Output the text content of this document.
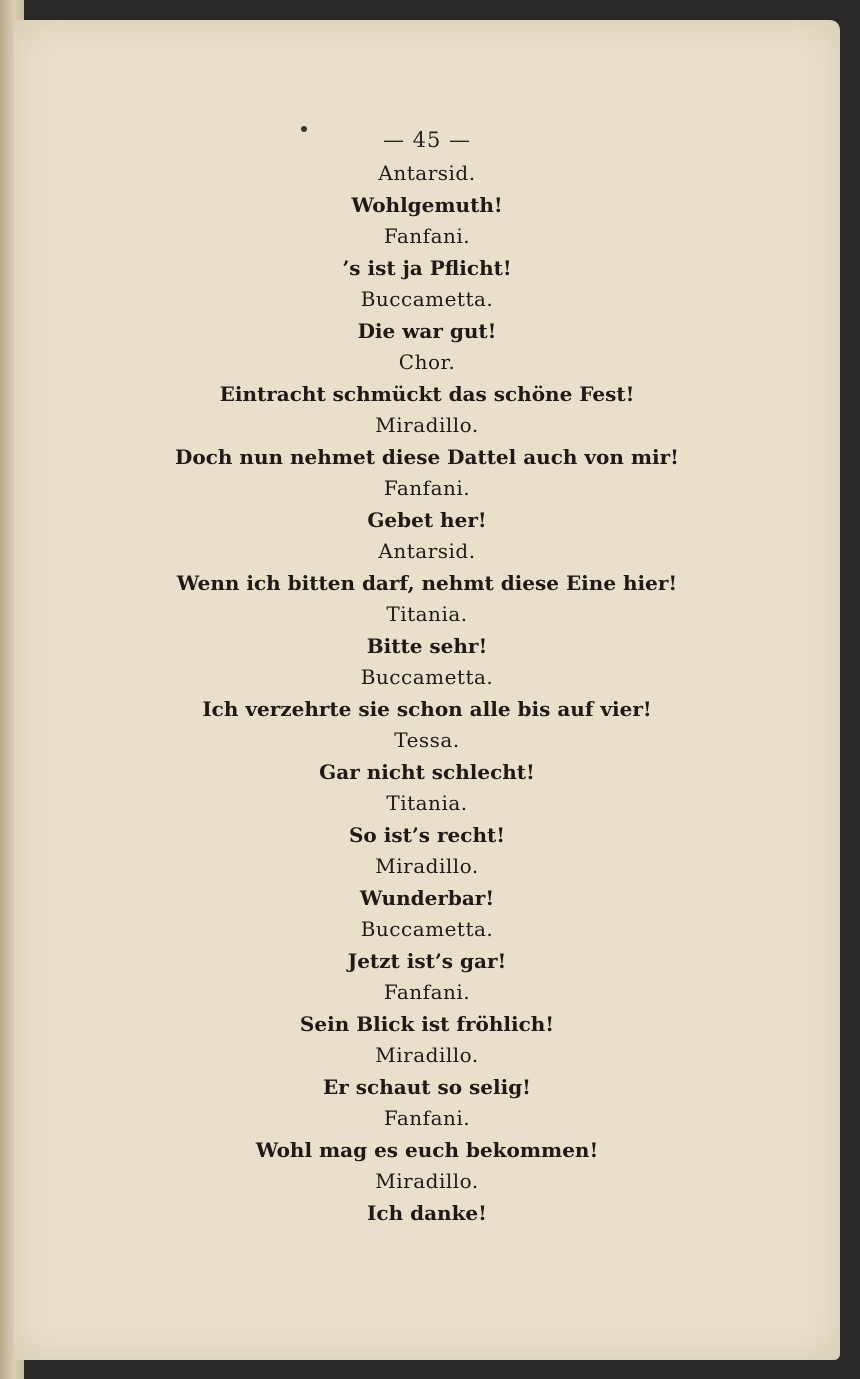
— 45 —
Antarsid.
Wohlgemuth!
Fanfani.
’s ist ja Pflicht!
Buccametta.
Die war gut!
Chor.
Eintracht schmückt das schöne Fest!
Miradillo.
Doch nun nehmet diese Dattel auch von mir!
Fanfani.
Gebet her!
Antarsid.
Wenn ich bitten darf, nehmt diese Eine hier!
Titania.
Bitte sehr!
Buccametta.
Ich verzehrte sie schon alle bis auf vier!
Tessa.
Gar nicht schlecht!
Titania.
So ist’s recht!
Miradillo.
Wunderbar!
Buccametta.
Jetzt ist’s gar!
Fanfani.
Sein Blick ist fröhlich!
Miradillo.
Er schaut so selig!
Fanfani.
Wohl mag es euch bekommen!
Miradillo.
Ich danke!
